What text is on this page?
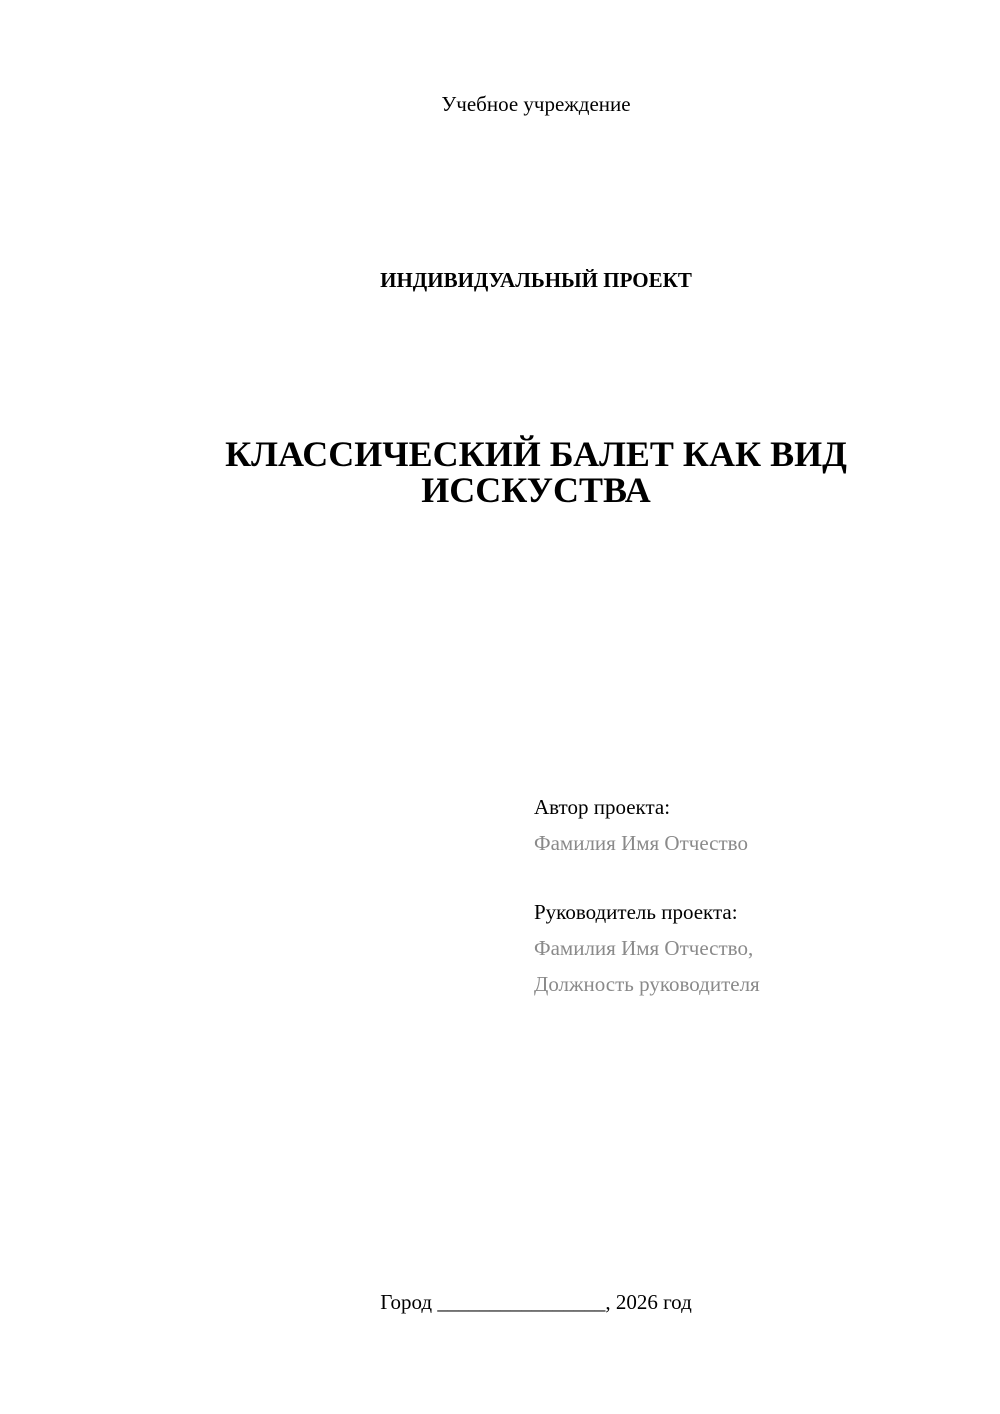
Учебное учреждение
ИНДИВИДУАЛЬНЫЙ ПРОЕКТ
КЛАССИЧЕСКИЙ БАЛЕТ КАК ВИД
ИССКУСТВА
Автор проекта:
Фамилия Имя Отчество
Руководитель проекта:
Фамилия Имя Отчество,
Должность руководителя
Город ________________, 2026 год
